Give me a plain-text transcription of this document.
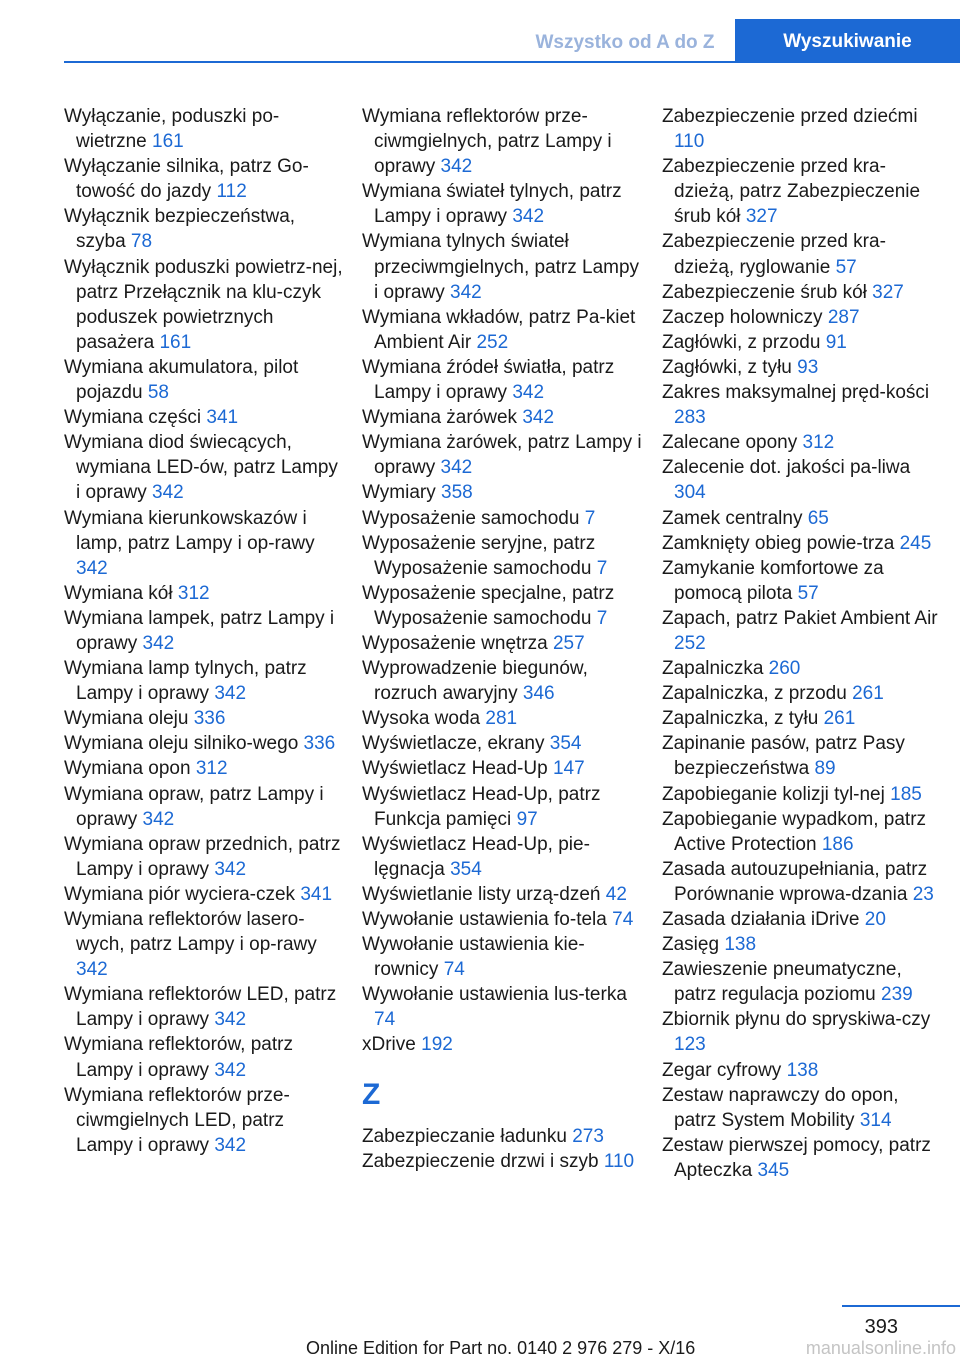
Wszystko od A do Z	Wyszukiwanie
Wyłączanie, poduszki po-wietrzne 161
Wyłączanie silnika, patrz Go-towość do jazdy 112
Wyłącznik bezpieczeństwa, szyba 78
Wyłącznik poduszki powietrz-nej, patrz Przełącznik na klu-czyk poduszek powietrznych pasażera 161
Wymiana akumulatora, pilot pojazdu 58
Wymiana części 341
Wymiana diod świecących, wymiana LED-ów, patrz Lampy i oprawy 342
Wymiana kierunkowskazów i lamp, patrz Lampy i op-rawy 342
Wymiana kół 312
Wymiana lampek, patrz Lampy i oprawy 342
Wymiana lamp tylnych, patrz Lampy i oprawy 342
Wymiana oleju 336
Wymiana oleju silniko-wego 336
Wymiana opon 312
Wymiana opraw, patrz Lampy i oprawy 342
Wymiana opraw przednich, patrz Lampy i oprawy 342
Wymiana piór wyciera-czek 341
Wymiana reflektorów lasero-wych, patrz Lampy i op-rawy 342
Wymiana reflektorów LED, patrz Lampy i oprawy 342
Wymiana reflektorów, patrz Lampy i oprawy 342
Wymiana reflektorów prze-ciwmgielnych LED, patrz Lampy i oprawy 342
Wymiana reflektorów prze-ciwmgielnych, patrz Lampy i oprawy 342
Wymiana świateł tylnych, patrz Lampy i oprawy 342
Wymiana tylnych świateł przeciwmgielnych, patrz Lampy i oprawy 342
Wymiana wkładów, patrz Pa-kiet Ambient Air 252
Wymiana źródeł światła, patrz Lampy i oprawy 342
Wymiana żarówek 342
Wymiana żarówek, patrz Lampy i oprawy 342
Wymiary 358
Wyposażenie samochodu 7
Wyposażenie seryjne, patrz Wyposażenie samochodu 7
Wyposażenie specjalne, patrz Wyposażenie samochodu 7
Wyposażenie wnętrza 257
Wyprowadzenie biegunów, rozruch awaryjny 346
Wysoka woda 281
Wyświetlacze, ekrany 354
Wyświetlacz Head-Up 147
Wyświetlacz Head-Up, patrz Funkcja pamięci 97
Wyświetlacz Head-Up, pie-lęgnacja 354
Wyświetlanie listy urzą-dzeń 42
Wywołanie ustawienia fo-tela 74
Wywołanie ustawienia kie-rownicy 74
Wywołanie ustawienia lus-terka 74
xDrive 192
Z
Zabezpieczanie ładunku 273
Zabezpieczenie drzwi i szyb 110
Zabezpieczenie przed dziećmi 110
Zabezpieczenie przed kra-dzieżą, patrz Zabezpieczenie śrub kół 327
Zabezpieczenie przed kra-dzieżą, ryglowanie 57
Zabezpieczenie śrub kół 327
Zaczep holowniczy 287
Zagłówki, z przodu 91
Zagłówki, z tyłu 93
Zakres maksymalnej pręd-kości 283
Zalecane opony 312
Zalecenie dot. jakości pa-liwa 304
Zamek centralny 65
Zamknięty obieg powie-trza 245
Zamykanie komfortowe za pomocą pilota 57
Zapach, patrz Pakiet Ambient Air 252
Zapalniczka 260
Zapalniczka, z przodu 261
Zapalniczka, z tyłu 261
Zapinanie pasów, patrz Pasy bezpieczeństwa 89
Zapobieganie kolizji tyl-nej 185
Zapobieganie wypadkom, patrz Active Protection 186
Zasada autouzupełniania, patrz Porównanie wprowa-dzania 23
Zasada działania iDrive 20
Zasięg 138
Zawieszenie pneumatyczne, patrz regulacja poziomu 239
Zbiornik płynu do spryskiwa-czy 123
Zegar cyfrowy 138
Zestaw naprawczy do opon, patrz System Mobility 314
Zestaw pierwszej pomocy, patrz Apteczka 345
393
Online Edition for Part no. 0140 2 976 279 - X/16	manualsonline.info
